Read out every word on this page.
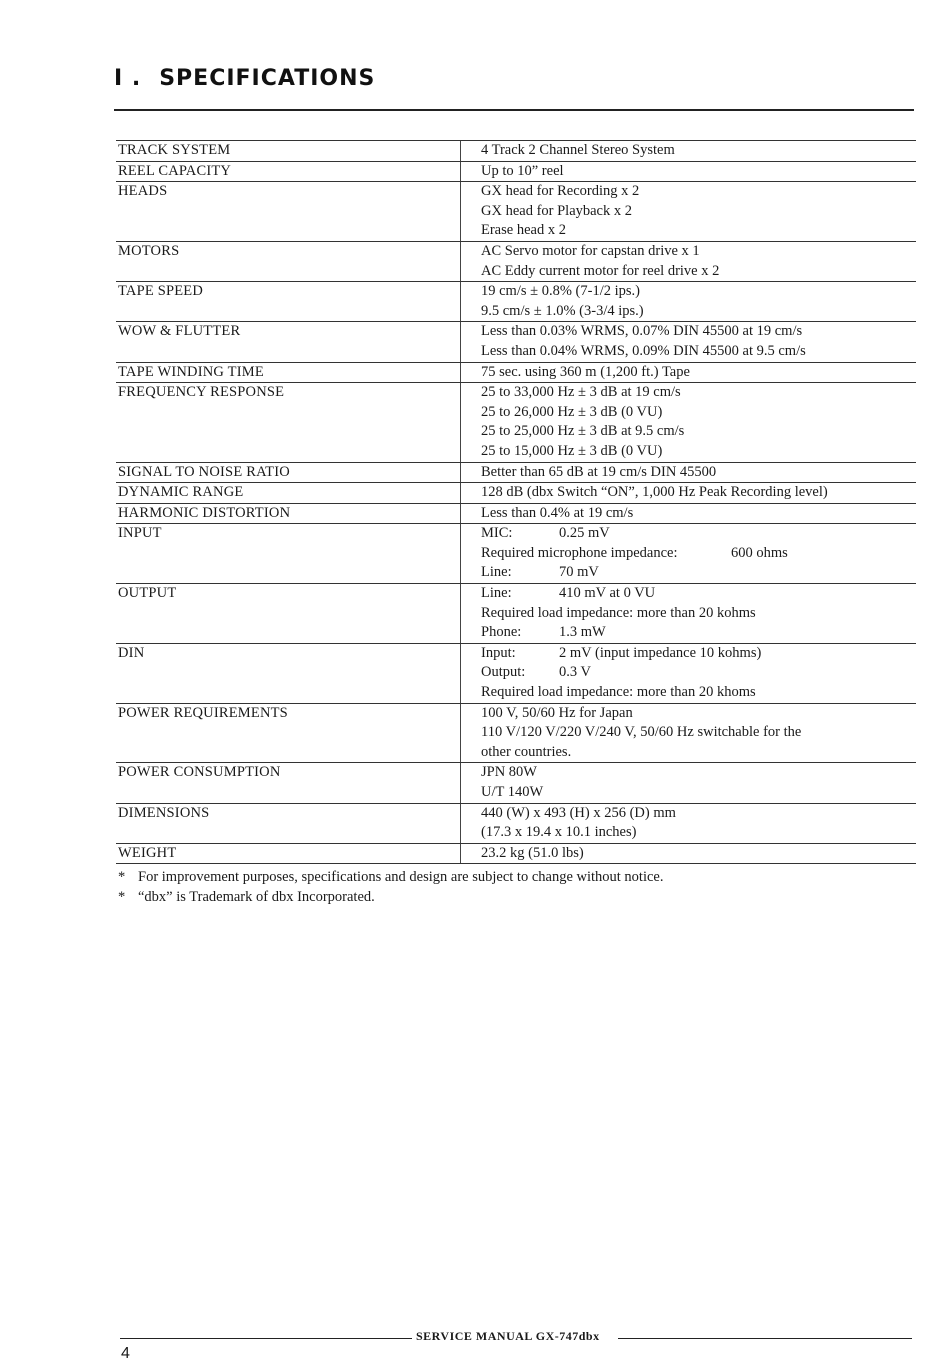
I . SPECIFICATIONS
TRACK SYSTEM	4 Track 2 Channel Stereo System
REEL CAPACITY	Up to 10” reel
HEADS	GX head for Recording x 2
GX head for Playback x 2
Erase head x 2
MOTORS	AC Servo motor for capstan drive x 1
AC Eddy current motor for reel drive x 2
TAPE SPEED	19 cm/s ± 0.8% (7-1/2 ips.)
9.5 cm/s ± 1.0% (3-3/4 ips.)
WOW & FLUTTER	Less than 0.03% WRMS, 0.07% DIN 45500 at 19 cm/s
Less than 0.04% WRMS, 0.09% DIN 45500 at 9.5 cm/s
TAPE WINDING TIME	75 sec. using 360 m (1,200 ft.) Tape
FREQUENCY RESPONSE	25 to 33,000 Hz ± 3 dB at 19 cm/s
25 to 26,000 Hz ± 3 dB (0 VU)
25 to 25,000 Hz ± 3 dB at 9.5 cm/s
25 to 15,000 Hz ± 3 dB (0 VU)
SIGNAL TO NOISE RATIO	Better than 65 dB at 19 cm/s DIN 45500
DYNAMIC RANGE	128 dB (dbx Switch “ON”, 1,000 Hz Peak Recording level)
HARMONIC DISTORTION	Less than 0.4% at 19 cm/s
INPUT	MIC:	0.25 mV
Required microphone impedance:	600 ohms
Line:	70 mV
OUTPUT	Line:	410 mV at 0 VU
Required load impedance: more than 20 kohms
Phone:	1.3 mW
DIN	Input:	2 mV (input impedance 10 kohms)
Output:	0.3 V
Required load impedance: more than 20 khoms
POWER REQUIREMENTS	100 V, 50/60 Hz for Japan
110 V/120 V/220 V/240 V, 50/60 Hz switchable for the
other countries.
POWER CONSUMPTION	JPN 80W
U/T 140W
DIMENSIONS	440 (W) x 493 (H) x 256 (D) mm
(17.3 x 19.4 x 10.1 inches)
WEIGHT	23.2 kg (51.0 lbs)
* For improvement purposes, specifications and design are subject to change without notice.
* “dbx” is Trademark of dbx Incorporated.
SERVICE MANUAL GX-747dbx
4
